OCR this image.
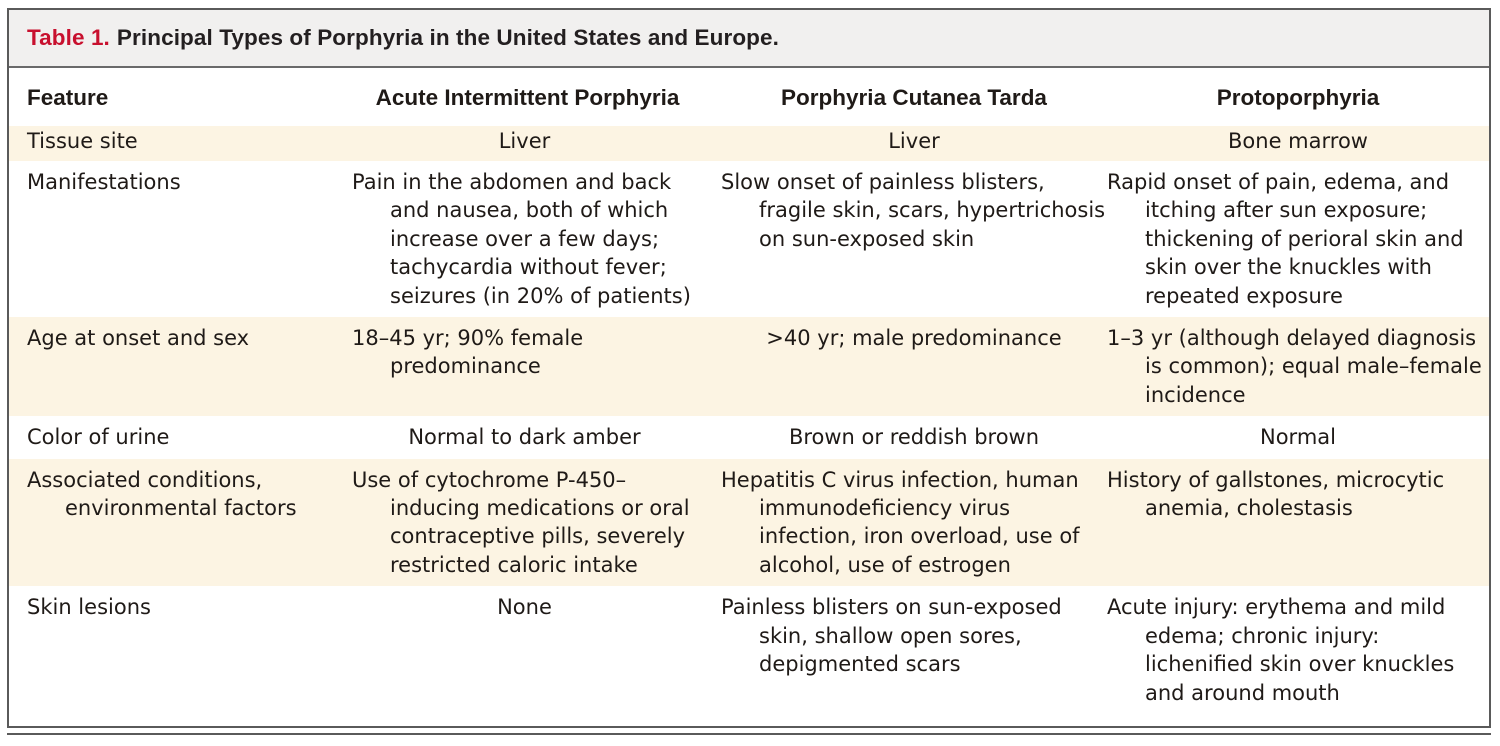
Table 1. Principal Types of Porphyria in the United States and Europe.
Feature	Acute Intermittent Porphyria	Porphyria Cutanea Tarda	Protoporphyria
Tissue site	Liver	Liver	Bone marrow
Manifestations	Pain in the abdomen and back and nausea, both of which increase over a few days; tachycardia without fever; seizures (in 20% of patients)	Slow onset of painless blisters, fragile skin, scars, hypertrichosis on sun-exposed skin	Rapid onset of pain, edema, and itching after sun exposure; thickening of perioral skin and skin over the knuckles with repeated exposure
Age at onset and sex	18–45 yr; 90% female predominance	>40 yr; male predominance	1–3 yr (although delayed diagnosis is common); equal male–female incidence
Color of urine	Normal to dark amber	Brown or reddish brown	Normal
Associated conditions, environmental factors	Use of cytochrome P-450–inducing medications or oral contraceptive pills, severely restricted caloric intake	Hepatitis C virus infection, human immunodeficiency virus infection, iron overload, use of alcohol, use of estrogen	History of gallstones, microcytic anemia, cholestasis
Skin lesions	None	Painless blisters on sun-exposed skin, shallow open sores, depigmented scars	Acute injury: erythema and mild edema; chronic injury: lichenified skin over knuckles and around mouth
